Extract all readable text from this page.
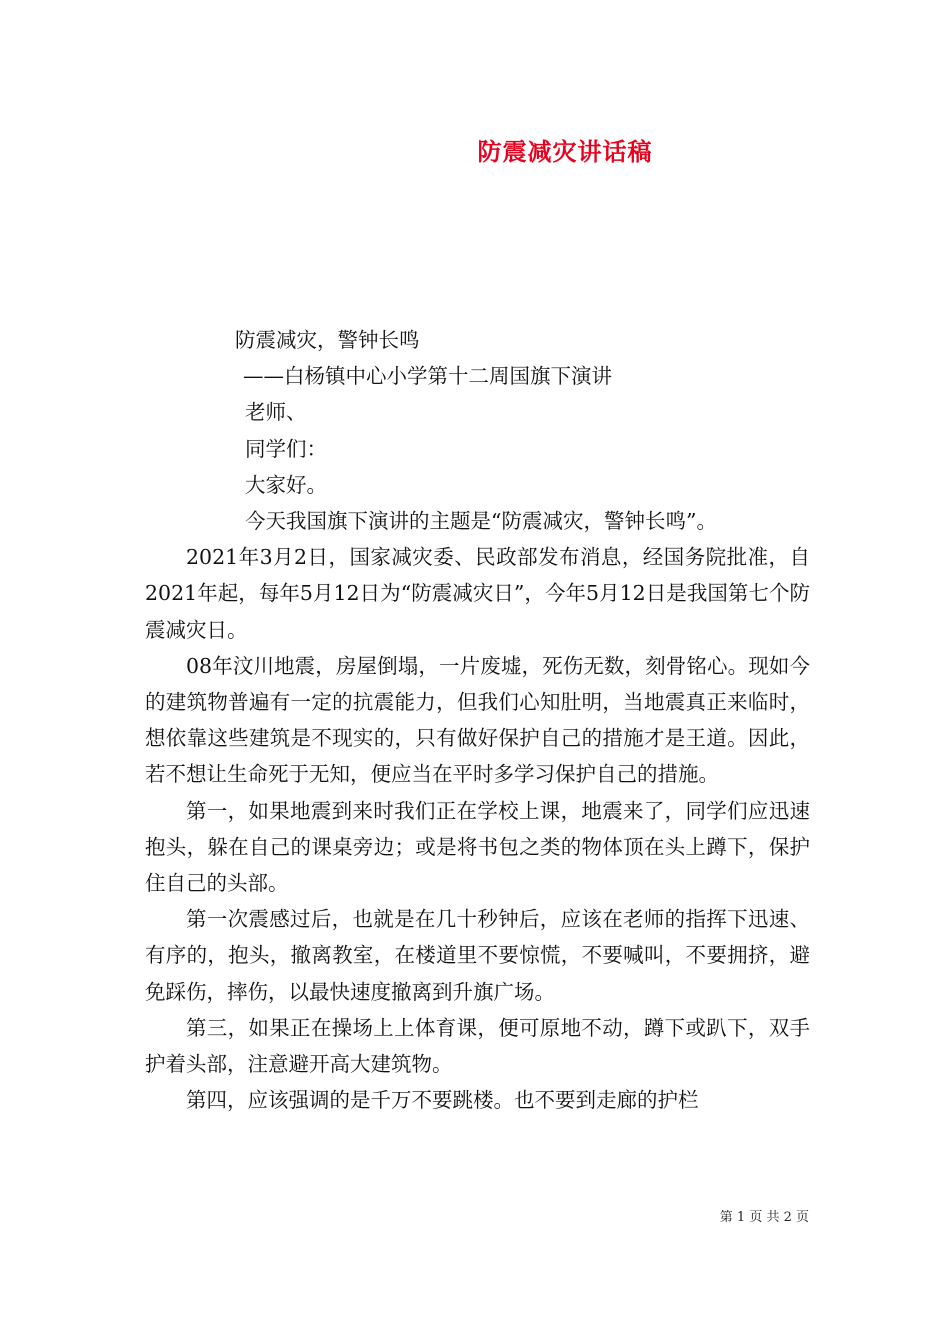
防震减灾讲话稿
防震减灾，警钟长鸣
——白杨镇中心小学第十二周国旗下演讲
老师、
同学们：
大家好。
今天我国旗下演讲的主题是“防震减灾，警钟长鸣”。

2021年3月2日，国家减灾委、民政部发布消息，经国务院批准，自2021年起，每年5月12日为“防震减灾日”，今年5月12日是我国第七个防震减灾日。

08年汶川地震，房屋倒塌，一片废墟，死伤无数，刻骨铭心。现如今的建筑物普遍有一定的抗震能力，但我们心知肚明，当地震真正来临时，想依靠这些建筑是不现实的，只有做好保护自己的措施才是王道。因此，若不想让生命死于无知，便应当在平时多学习保护自己的措施。

第一，如果地震到来时我们正在学校上课，地震来了，同学们应迅速抱头，躲在自己的课桌旁边；或是将书包之类的物体顶在头上蹲下，保护住自己的头部。

第一次震感过后，也就是在几十秒钟后，应该在老师的指挥下迅速、有序的，抱头，撤离教室，在楼道里不要惊慌，不要喊叫，不要拥挤，避免踩伤，摔伤，以最快速度撤离到升旗广场。

第三，如果正在操场上上体育课，便可原地不动，蹲下或趴下，双手护着头部，注意避开高大建筑物。

第四，应该强调的是千万不要跳楼。也不要到走廊的护栏

第 1 页 共 2 页
